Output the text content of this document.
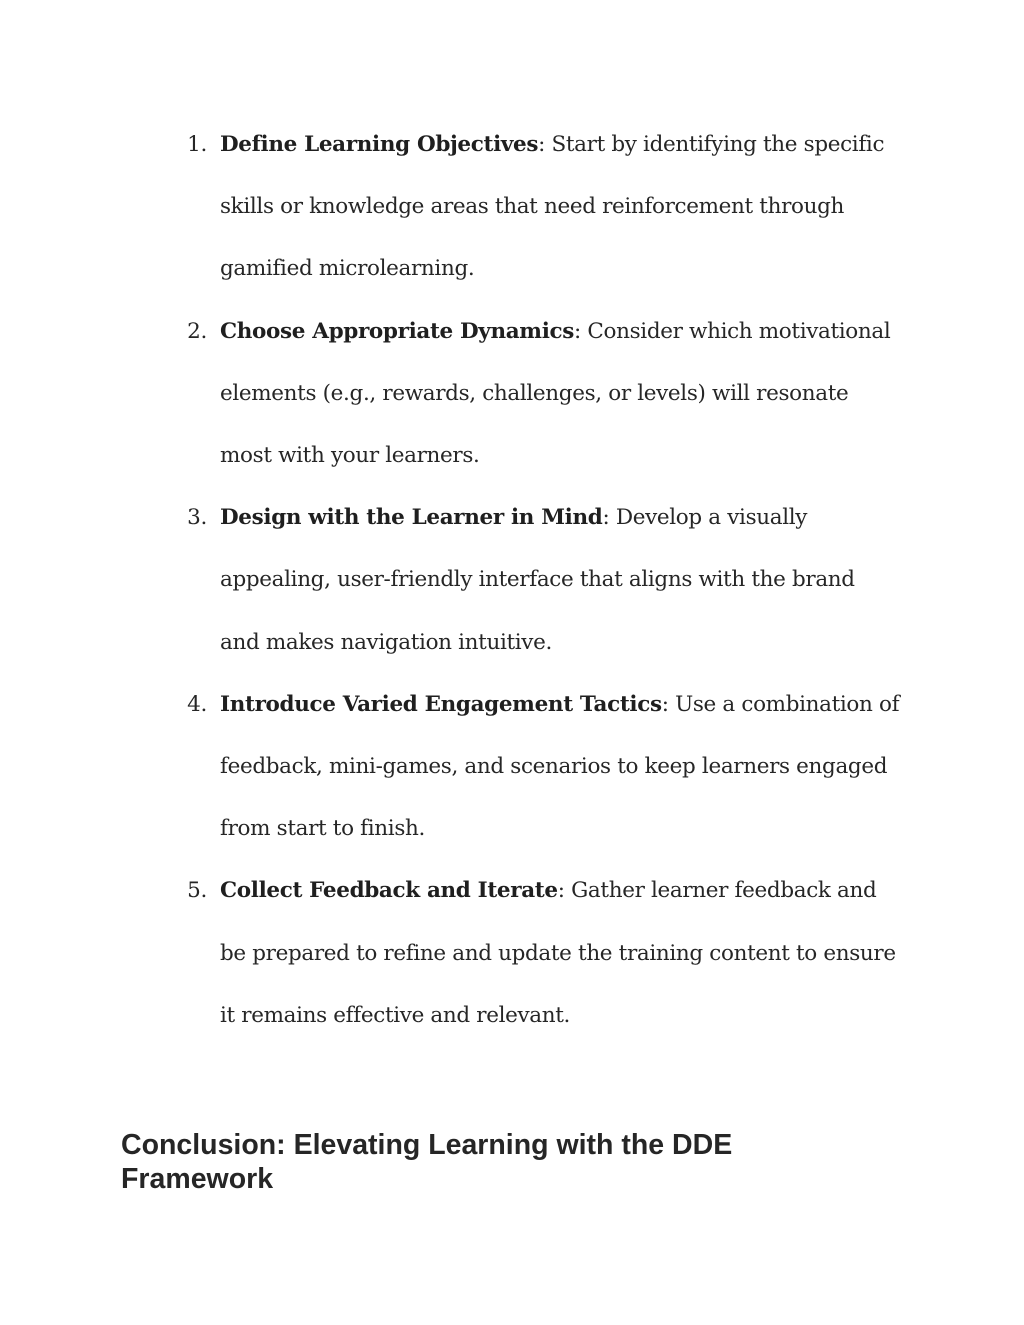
1. Define Learning Objectives: Start by identifying the specific skills or knowledge areas that need reinforcement through gamified microlearning.
2. Choose Appropriate Dynamics: Consider which motivational elements (e.g., rewards, challenges, or levels) will resonate most with your learners.
3. Design with the Learner in Mind: Develop a visually appealing, user-friendly interface that aligns with the brand and makes navigation intuitive.
4. Introduce Varied Engagement Tactics: Use a combination of feedback, mini-games, and scenarios to keep learners engaged from start to finish.
5. Collect Feedback and Iterate: Gather learner feedback and be prepared to refine and update the training content to ensure it remains effective and relevant.
Conclusion: Elevating Learning with the DDE Framework
